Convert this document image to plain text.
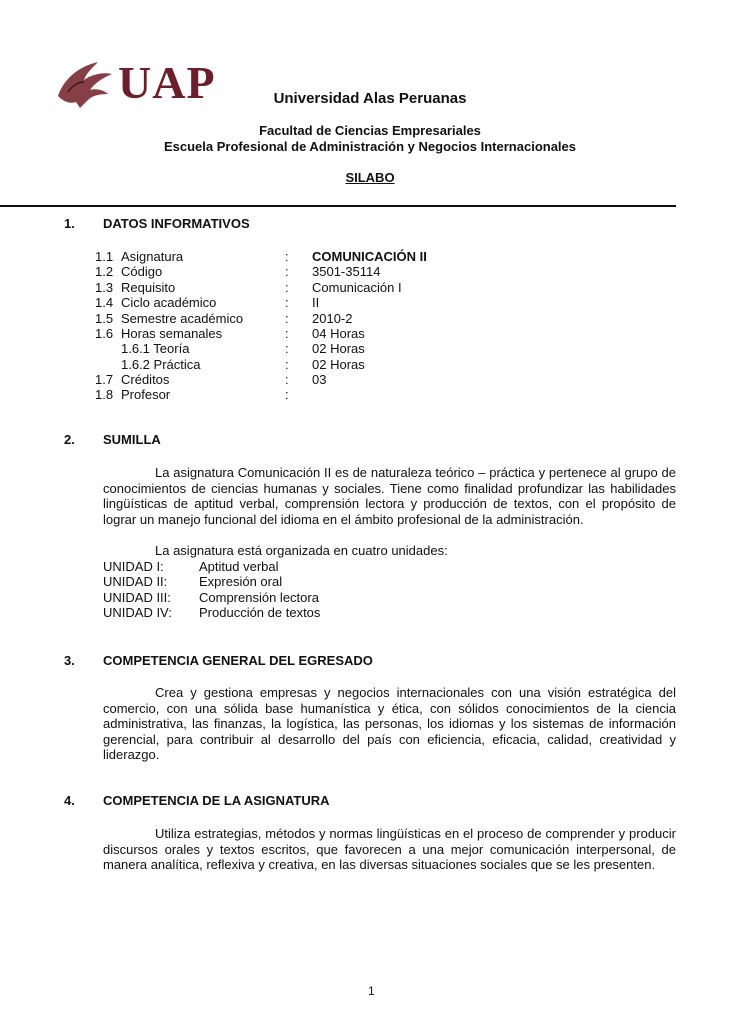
UAP	Universidad Alas Peruanas
Facultad de Ciencias Empresariales
Escuela Profesional de Administración y Negocios Internacionales
SILABO
1. DATOS INFORMATIVOS
1.1 Asignatura	: COMUNICACIÓN II
1.2 Código	: 3501-35114
1.3 Requisito	: Comunicación I
1.4 Ciclo académico	: II
1.5 Semestre académico	: 2010-2
1.6 Horas semanales	: 04 Horas
1.6.1 Teoría	: 02 Horas
1.6.2 Práctica	: 02 Horas
1.7 Créditos	: 03
1.8 Profesor	:
2. SUMILLA
La asignatura Comunicación II es de naturaleza teórico – práctica y pertenece al grupo de conocimientos de ciencias humanas y sociales. Tiene como finalidad profundizar las habilidades lingüísticas de aptitud verbal, comprensión lectora y producción de textos, con el propósito de lograr un manejo funcional del idioma en el ámbito profesional de la administración.
La asignatura está organizada en cuatro unidades:
UNIDAD I:	Aptitud verbal
UNIDAD II: Expresión oral
UNIDAD III: Comprensión lectora
UNIDAD IV: Producción de textos
3. COMPETENCIA GENERAL DEL EGRESADO
Crea y gestiona empresas y negocios internacionales con una visión estratégica del comercio, con una sólida base humanística y ética, con sólidos conocimientos de la ciencia administrativa, las finanzas, la logística, las personas, los idiomas y los sistemas de información gerencial, para contribuir al desarrollo del país con eficiencia, eficacia, calidad, creatividad y liderazgo.
4. COMPETENCIA DE LA ASIGNATURA
Utiliza estrategias, métodos y normas lingüísticas en el proceso de comprender y producir discursos orales y textos escritos, que favorecen a una mejor comunicación interpersonal, de manera analítica, reflexiva y creativa, en las diversas situaciones sociales que se les presenten.
1
